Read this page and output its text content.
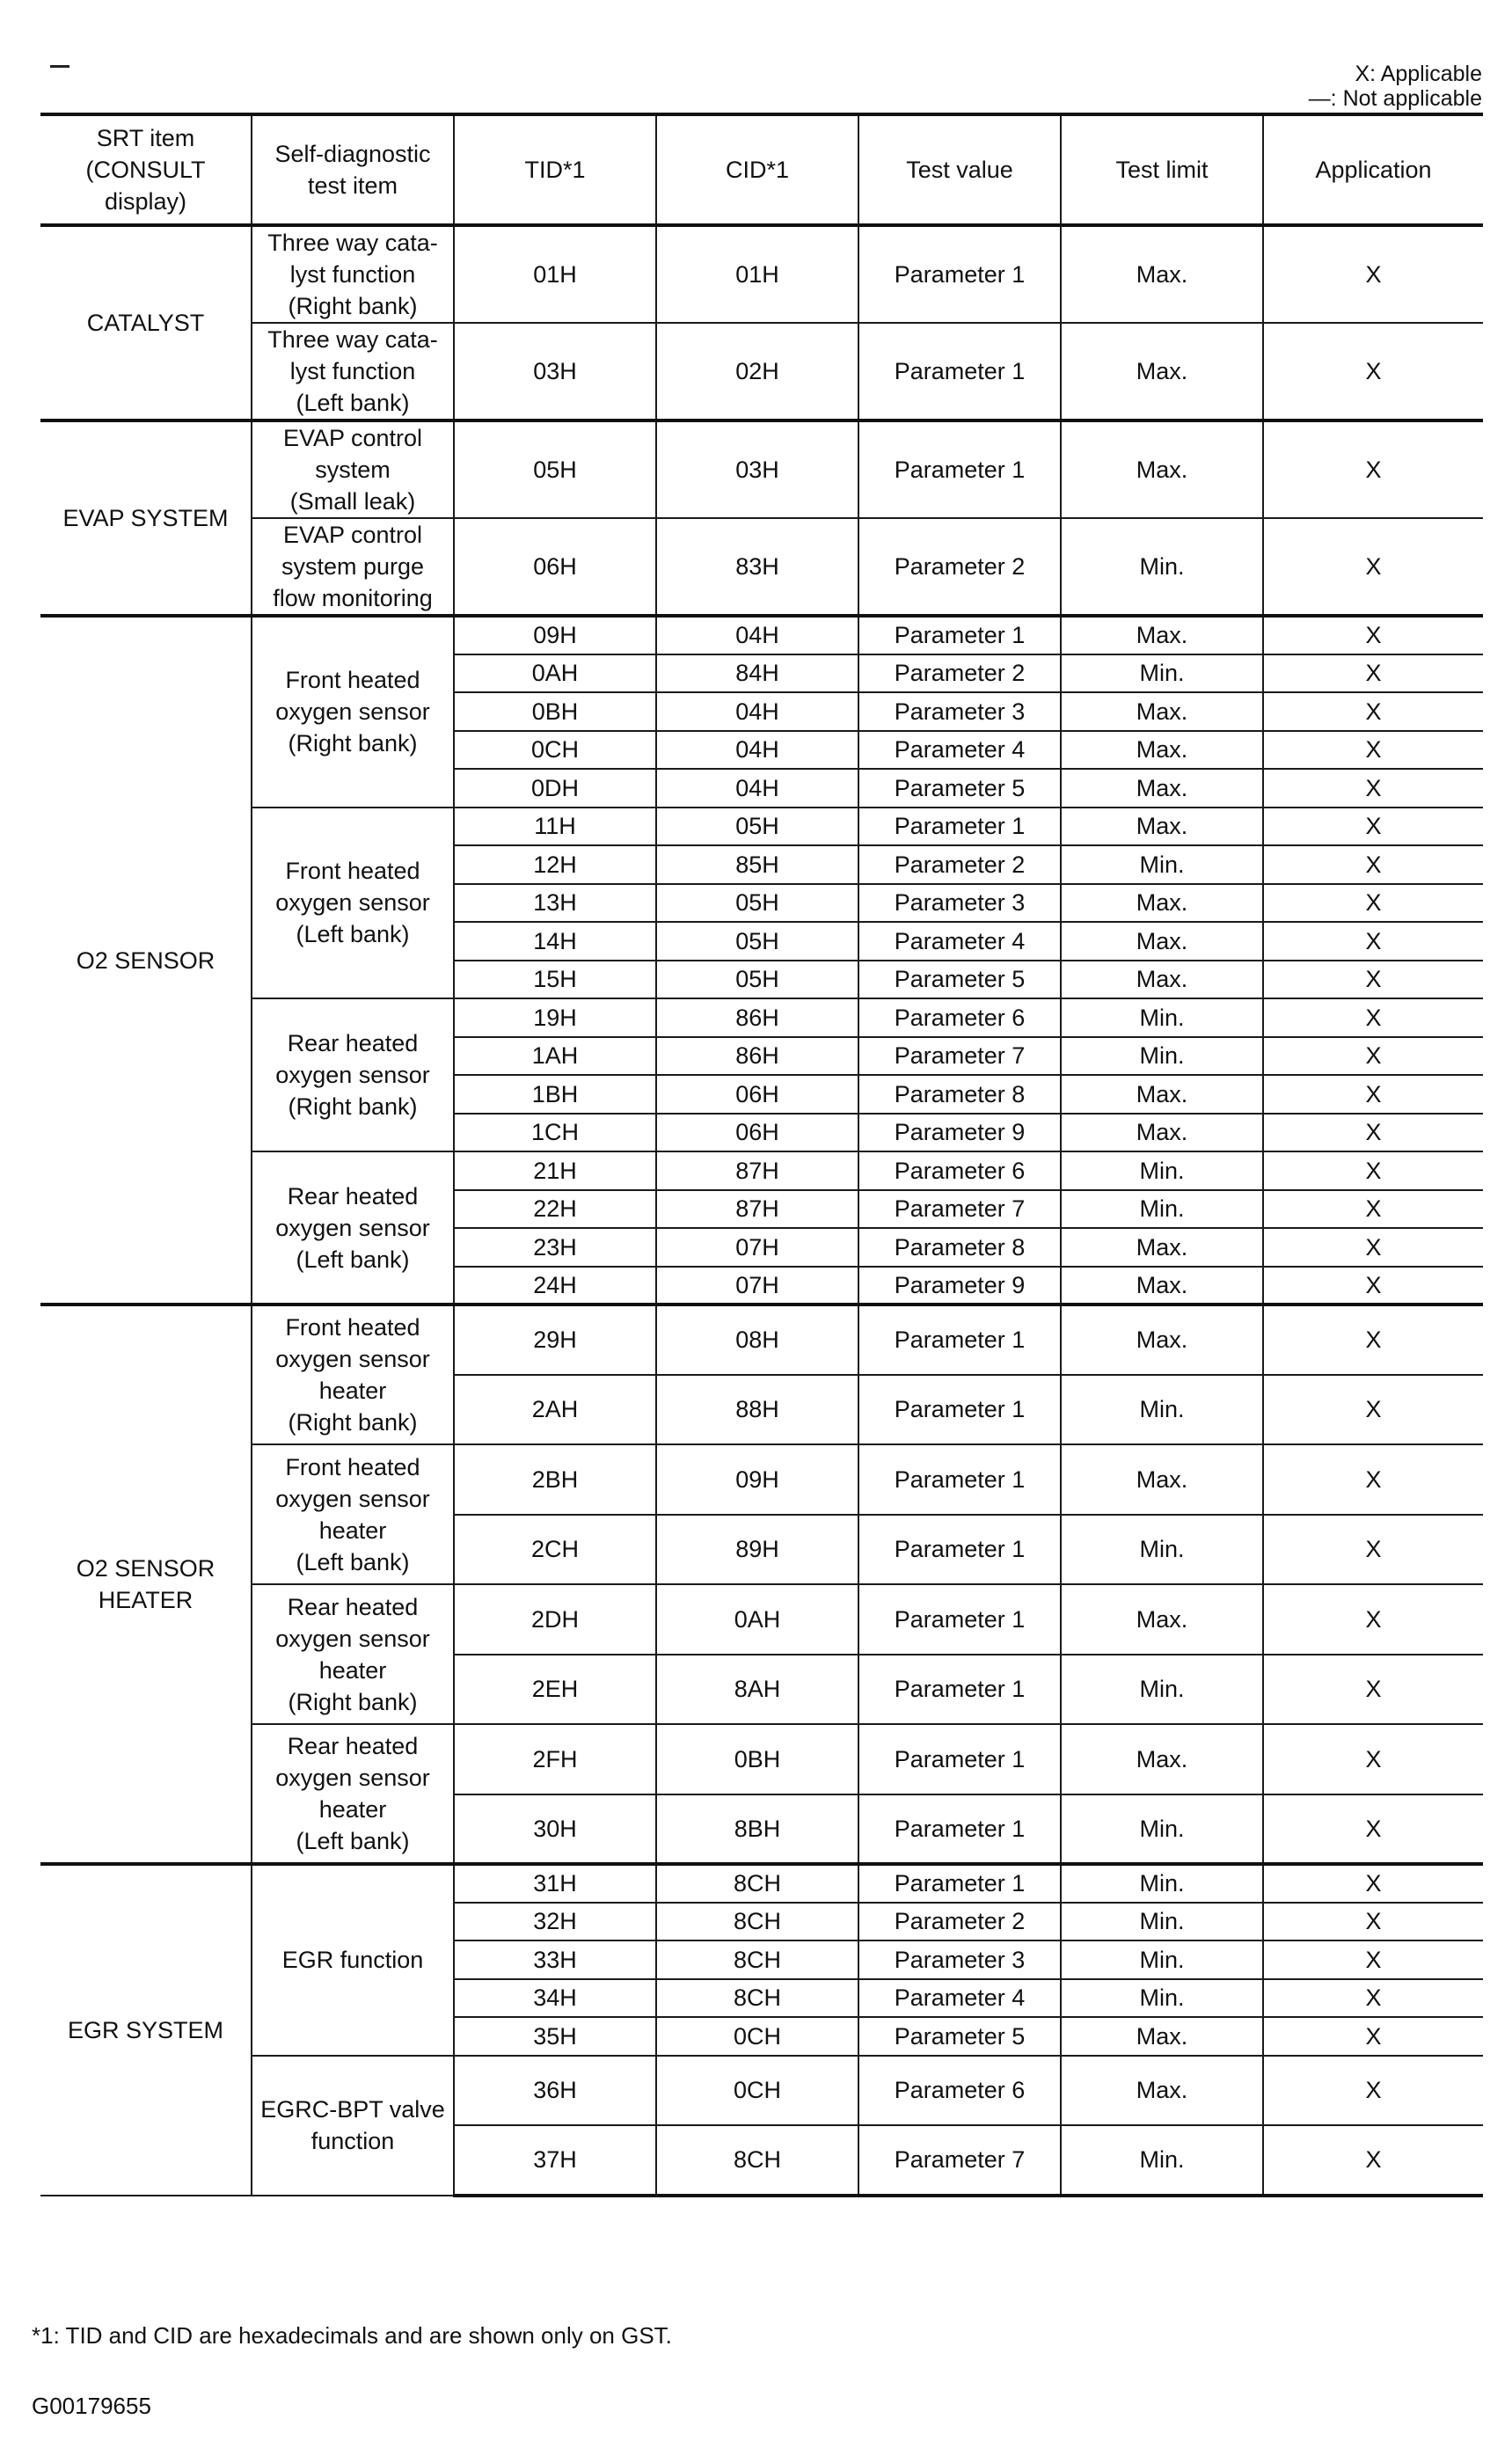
X: Applicable
—: Not applicable
SRT item
(CONSULT
display)	Self-diagnostic
test item	TID*1	CID*1	Test value	Test limit	Application
CATALYST	Three way cata-
lyst function
(Right bank)	01H	01H	Parameter 1	Max.	X
	Three way cata-
lyst function
(Left bank)	03H	02H	Parameter 1	Max.	X
EVAP SYSTEM	EVAP control
system
(Small leak)	05H	03H	Parameter 1	Max.	X
	EVAP control
system purge
flow monitoring	06H	83H	Parameter 2	Min.	X
O2 SENSOR	Front heated
oxygen sensor
(Right bank)	09H	04H	Parameter 1	Max.	X
		0AH	84H	Parameter 2	Min.	X
		0BH	04H	Parameter 3	Max.	X
		0CH	04H	Parameter 4	Max.	X
		0DH	04H	Parameter 5	Max.	X
	Front heated
oxygen sensor
(Left bank)	11H	05H	Parameter 1	Max.	X
		12H	85H	Parameter 2	Min.	X
		13H	05H	Parameter 3	Max.	X
		14H	05H	Parameter 4	Max.	X
		15H	05H	Parameter 5	Max.	X
	Rear heated
oxygen sensor
(Right bank)	19H	86H	Parameter 6	Min.	X
		1AH	86H	Parameter 7	Min.	X
		1BH	06H	Parameter 8	Max.	X
		1CH	06H	Parameter 9	Max.	X
	Rear heated
oxygen sensor
(Left bank)	21H	87H	Parameter 6	Min.	X
		22H	87H	Parameter 7	Min.	X
		23H	07H	Parameter 8	Max.	X
		24H	07H	Parameter 9	Max.	X
O2 SENSOR
HEATER	Front heated
oxygen sensor
heater
(Right bank)	29H	08H	Parameter 1	Max.	X
		2AH	88H	Parameter 1	Min.	X
	Front heated
oxygen sensor
heater
(Left bank)	2BH	09H	Parameter 1	Max.	X
		2CH	89H	Parameter 1	Min.	X
	Rear heated
oxygen sensor
heater
(Right bank)	2DH	0AH	Parameter 1	Max.	X
		2EH	8AH	Parameter 1	Min.	X
	Rear heated
oxygen sensor
heater
(Left bank)	2FH	0BH	Parameter 1	Max.	X
		30H	8BH	Parameter 1	Min.	X
EGR SYSTEM	EGR function	31H	8CH	Parameter 1	Min.	X
		32H	8CH	Parameter 2	Min.	X
		33H	8CH	Parameter 3	Min.	X
		34H	8CH	Parameter 4	Min.	X
		35H	0CH	Parameter 5	Max.	X
	EGRC-BPT valve
function	36H	0CH	Parameter 6	Max.	X
		37H	8CH	Parameter 7	Min.	X
*1: TID and CID are hexadecimals and are shown only on GST.
G00179655
